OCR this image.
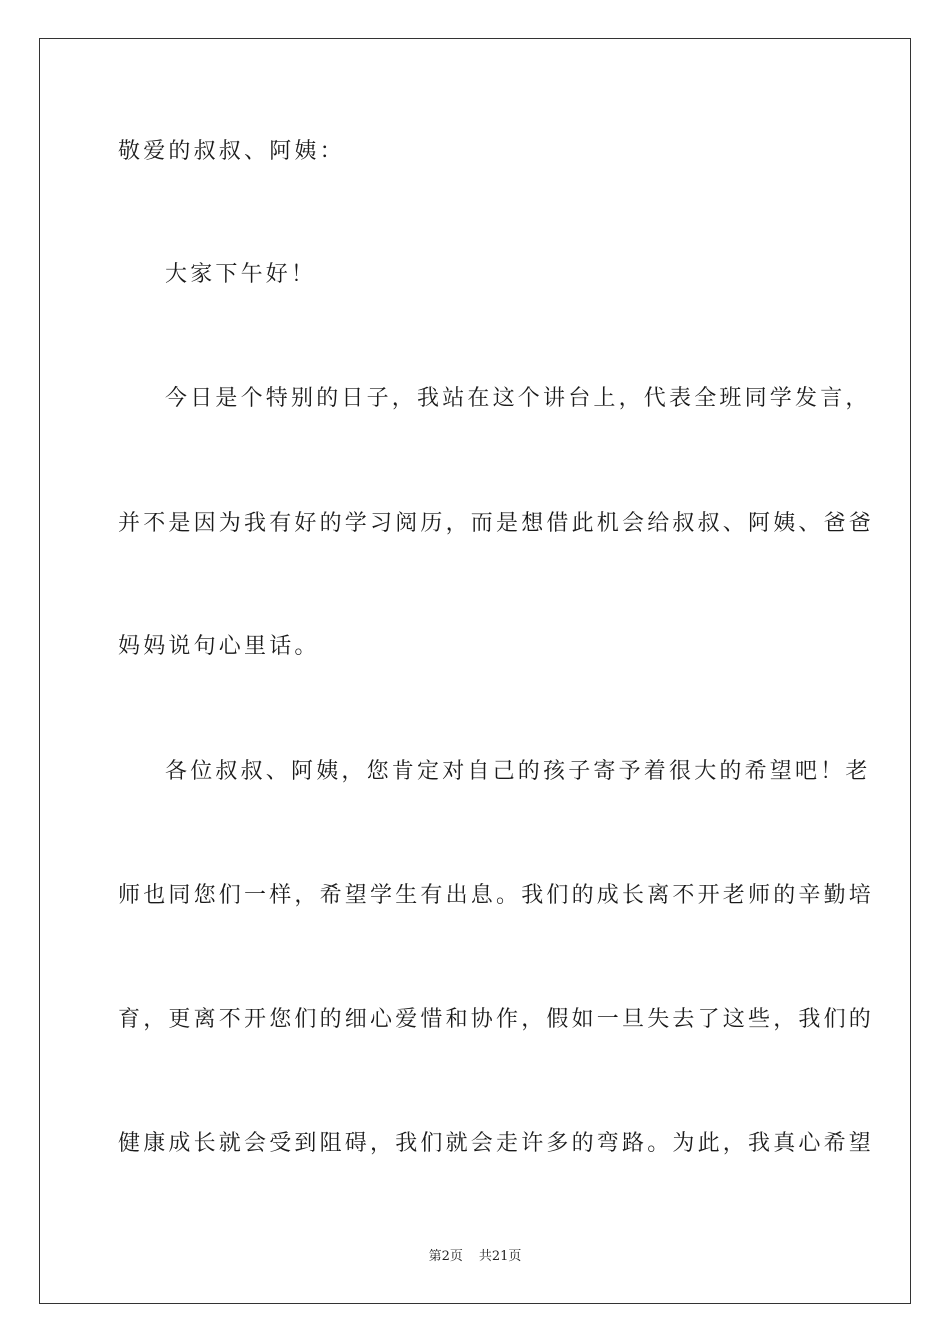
敬爱的叔叔、阿姨：
大家下午好！
今日是个特别的日子，我站在这个讲台上，代表全班同学发言，
并不是因为我有好的学习阅历，而是想借此机会给叔叔、阿姨、爸爸
妈妈说句心里话。
各位叔叔、阿姨，您肯定对自己的孩子寄予着很大的希望吧！老
师也同您们一样，希望学生有出息。我们的成长离不开老师的辛勤培
育，更离不开您们的细心爱惜和协作，假如一旦失去了这些，我们的
健康成长就会受到阻碍，我们就会走许多的弯路。为此，我真心希望
第2页 共21页
